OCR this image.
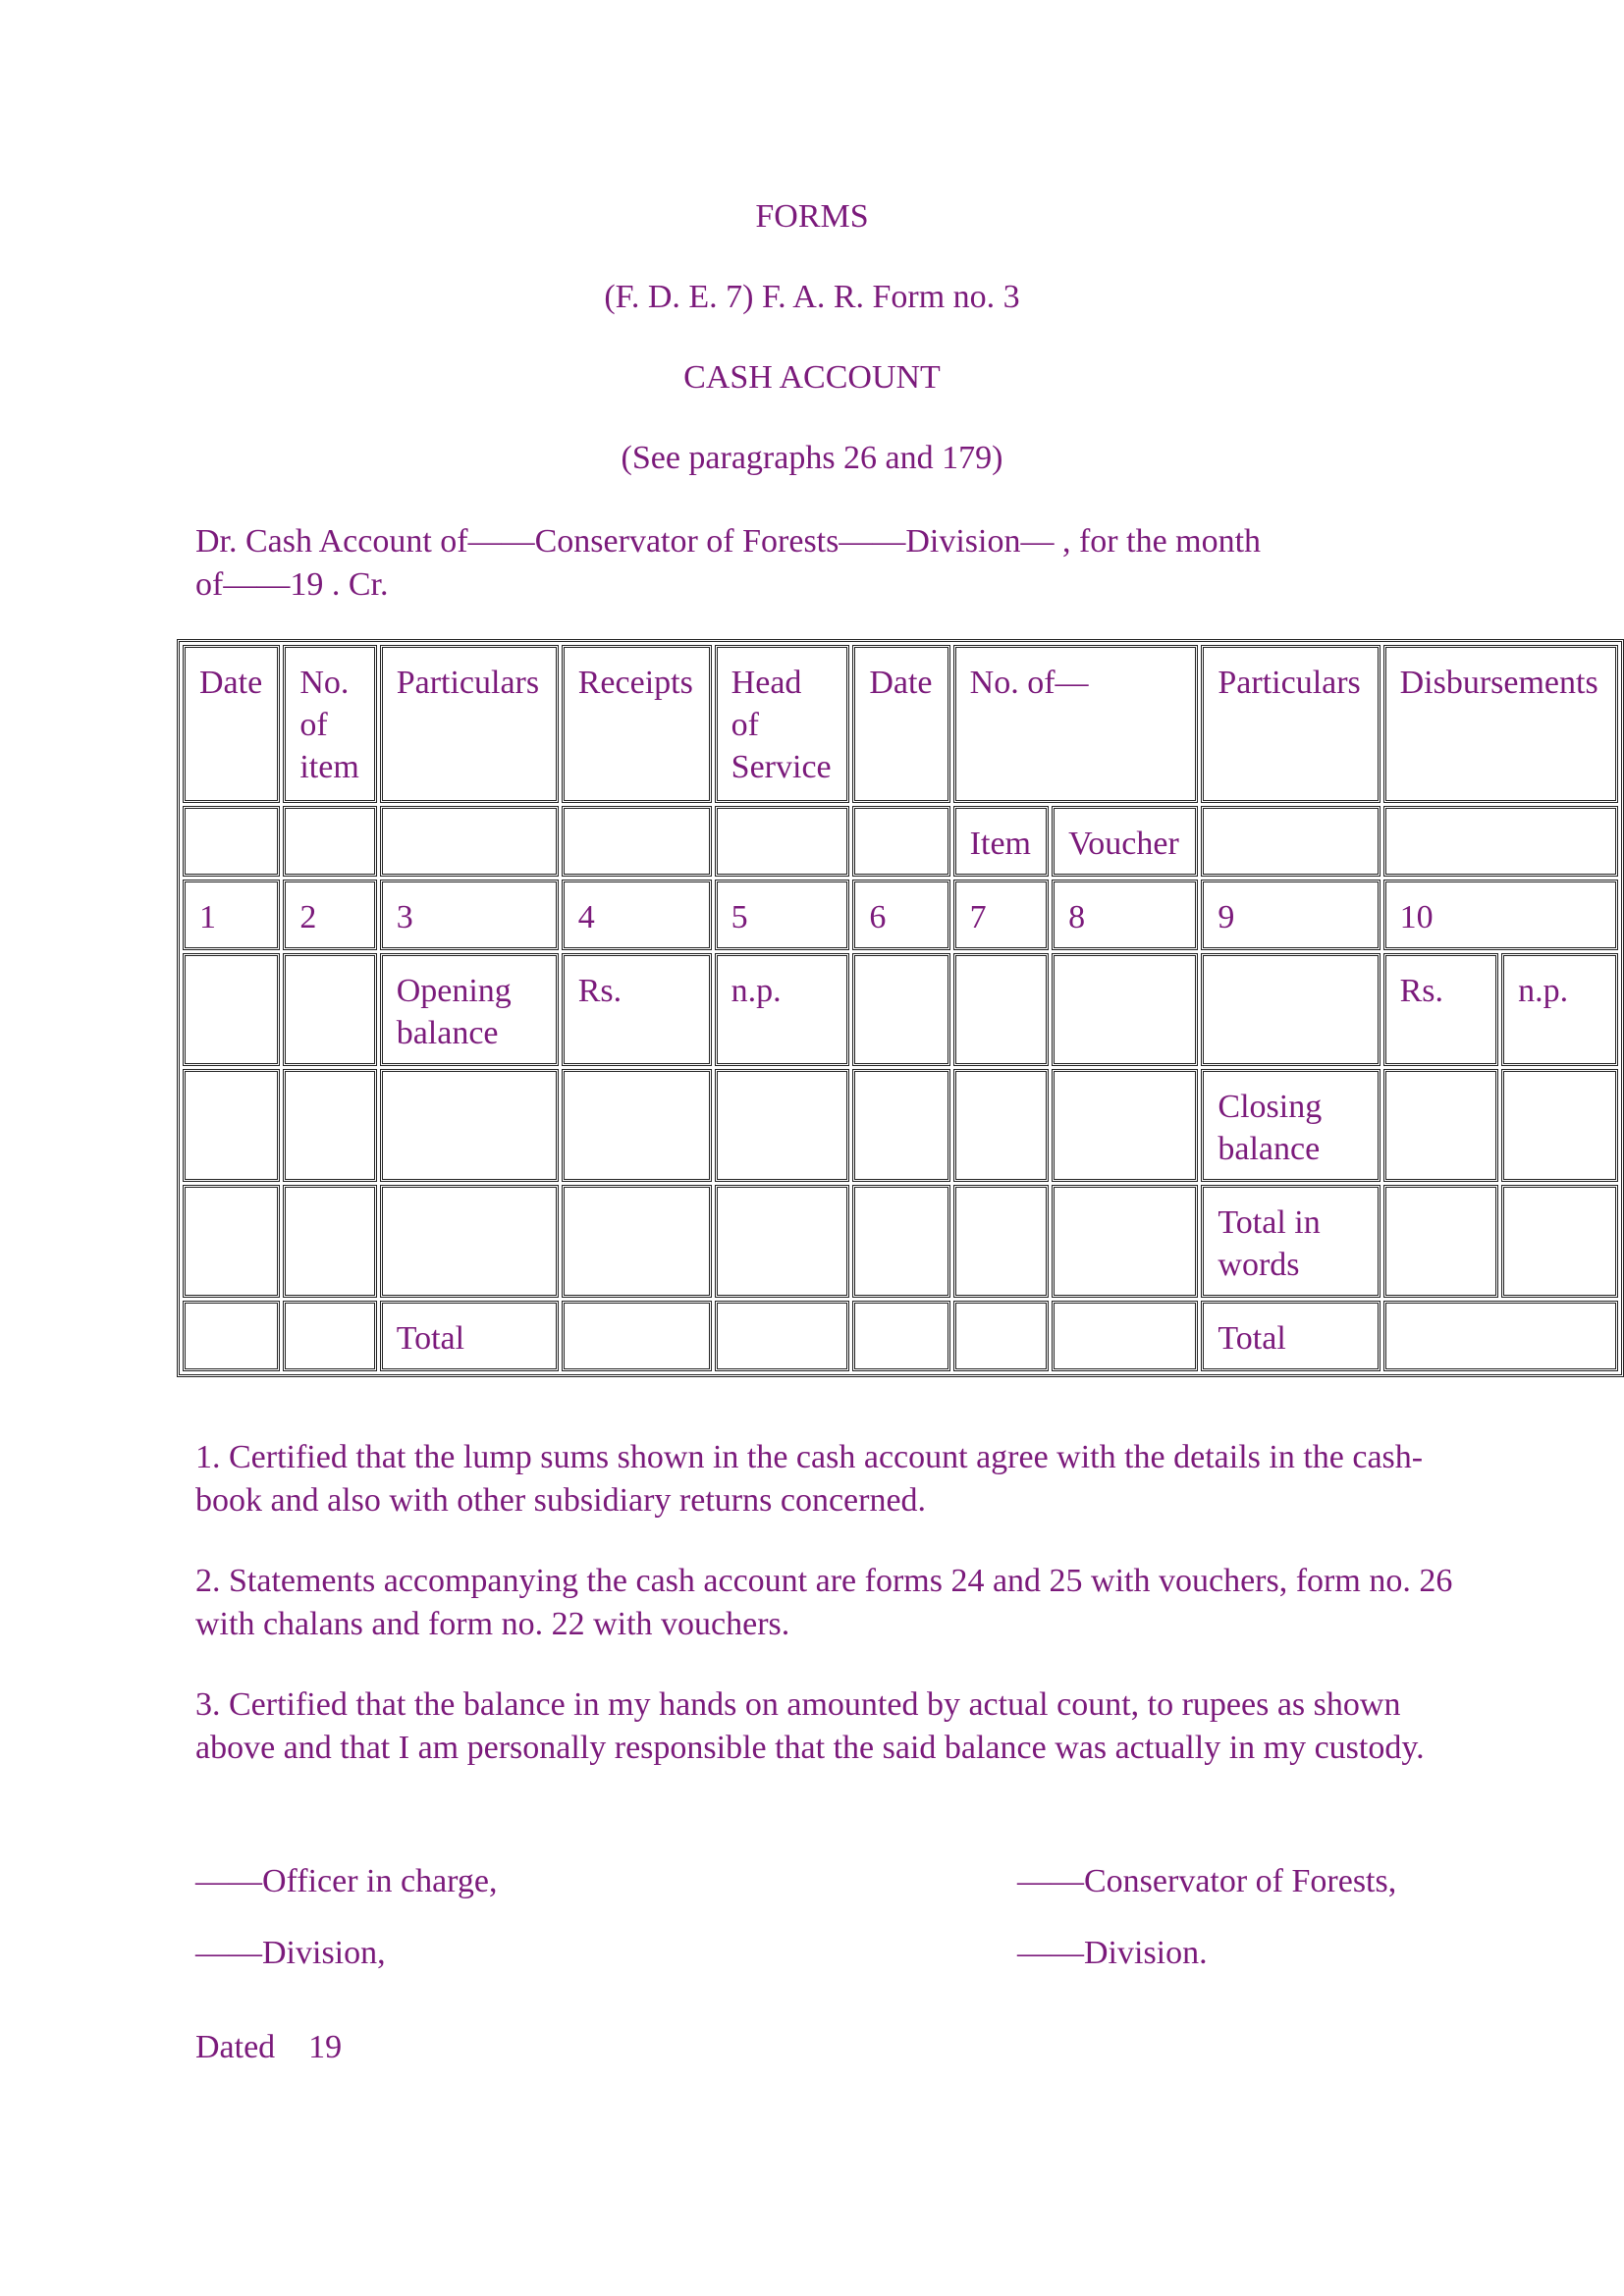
FORMS
(F. D. E. 7) F. A. R. Form no. 3
CASH ACCOUNT
(See paragraphs 26 and 179)

Dr. Cash Account of——Conservator of Forests——Division— , for the month
of——19 . Cr.

Date	No. of item	Particulars	Receipts	Head of Service	Date	No. of—		Particulars	Disbursements	
						Item	Voucher			
1	2	3	4	5	6	7	8	9	10	
		Opening balance	Rs.	n.p.					Rs.	n.p.
								Closing balance		
								Total in words		
		Total						Total		

1. Certified that the lump sums shown in the cash account agree with the details in the cash-book and also with other subsidiary returns concerned.

2. Statements accompanying the cash account are forms 24 and 25 with vouchers, form no. 26 with chalans and form no. 22 with vouchers.

3. Certified that the balance in my hands on amounted by actual count, to rupees as shown above and that I am personally responsible that the said balance was actually in my custody.

——Officer in charge,
——Division,
——Conservator of Forests,
——Division.
Dated    19
